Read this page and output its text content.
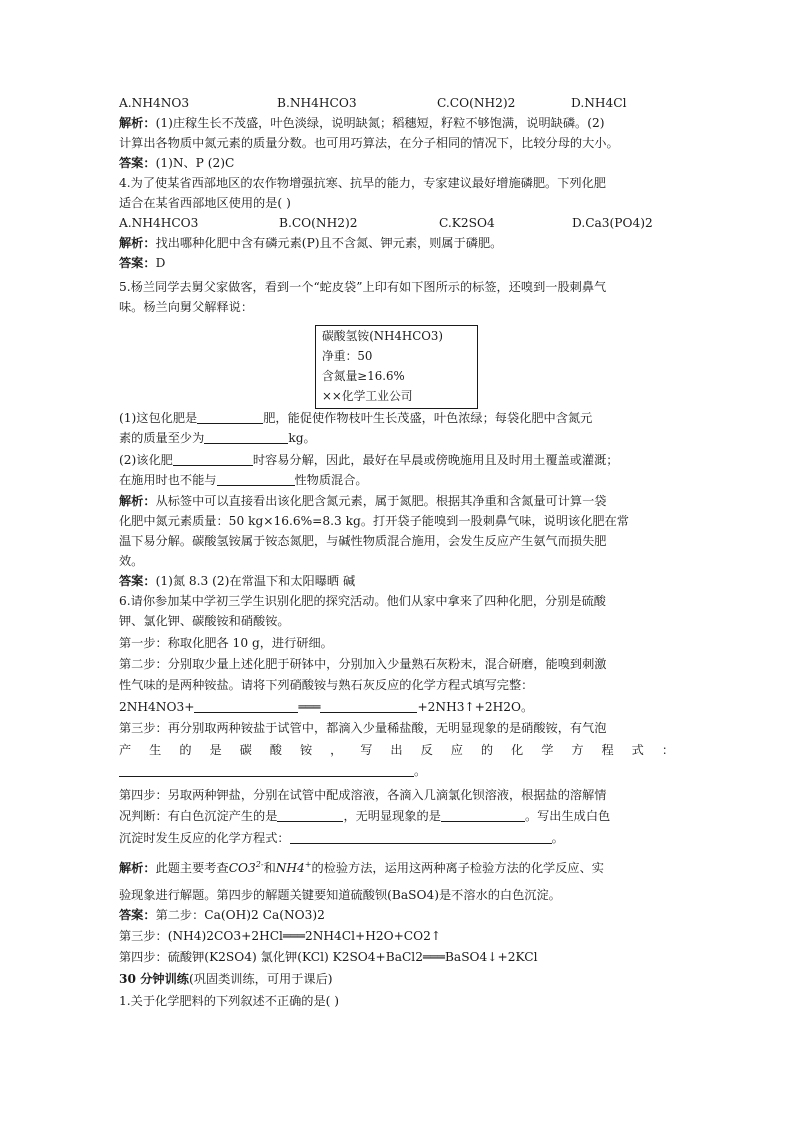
A.NH4NO3	B.NH4HCO3	C.CO(NH2)2	D.NH4Cl
解析：(1)庄稼生长不茂盛，叶色淡绿，说明缺氮；稻穗短，籽粒不够饱满，说明缺磷。(2)
计算出各物质中氮元素的质量分数。也可用巧算法，在分子相同的情况下，比较分母的大小。
答案：(1)N、P (2)C
4.为了使某省西部地区的农作物增强抗寒、抗旱的能力，专家建议最好增施磷肥。下列化肥
适合在某省西部地区使用的是( )
A.NH4HCO3	B.CO(NH2)2	C.K2SO4	D.Ca3(PO4)2
解析：找出哪种化肥中含有磷元素(P)且不含氮、钾元素，则属于磷肥。
答案：D
5.杨兰同学去舅父家做客，看到一个“蛇皮袋”上印有如下图所示的标签，还嗅到一股刺鼻气
味。杨兰向舅父解释说：
碳酸氢铵(NH4HCO3)
净重：50
含氮量≥16.6%
××化学工业公司
(1)这包化肥是	肥，能促使作物枝叶生长茂盛，叶色浓绿；每袋化肥中含氮元
素的质量至少为	kg。
(2)该化肥	时容易分解，因此，最好在早晨或傍晚施用且及时用土覆盖或灌溉；
在施用时也不能与	性物质混合。
解析：从标签中可以直接看出该化肥含氮元素，属于氮肥。根据其净重和含氮量可计算一袋
化肥中氮元素质量：50 kg×16.6%=8.3 kg。打开袋子能嗅到一股刺鼻气味，说明该化肥在常
温下易分解。碳酸氢铵属于铵态氮肥，与碱性物质混合施用，会发生反应产生氨气而损失肥
效。
答案：(1)氮 8.3 (2)在常温下和太阳曝晒 碱
6.请你参加某中学初三学生识别化肥的探究活动。他们从家中拿来了四种化肥，分别是硫酸
钾、氯化钾、碳酸铵和硝酸铵。
第一步：称取化肥各 10 g，进行研细。
第二步：分别取少量上述化肥于研钵中，分别加入少量熟石灰粉末，混合研磨，能嗅到刺激
性气味的是两种铵盐。请将下列硝酸铵与熟石灰反应的化学方程式填写完整：
2NH4NO3+	═══	+2NH3↑+2H2O。
第三步：再分别取两种铵盐于试管中，都滴入少量稀盐酸，无明显现象的是硝酸铵，有气泡
产 生 的 是 碳 酸 铵 ， 写 出 反 应 的 化 学 方 程 式 ：
。
第四步：另取两种钾盐，分别在试管中配成溶液，各滴入几滴氯化钡溶液，根据盐的溶解情
况判断：有白色沉淀产生的是	，无明显现象的是	。写出生成白色
沉淀时发生反应的化学方程式：	。
解析：此题主要考查$CO3^{2-}$和NH4+的检验方法，运用这两种离子检验方法的化学反应、实
验现象进行解题。第四步的解题关键要知道硫酸钡(BaSO4)是不溶水的白色沉淀。
答案：第二步：Ca(OH)2 Ca(NO3)2
第三步：(NH4)2CO3+2HCl═══2NH4Cl+H2O+CO2↑
第四步：硫酸钾(K2SO4) 氯化钾(KCl) K2SO4+BaCl2═══BaSO4↓+2KCl
30 分钟训练(巩固类训练，可用于课后)
1.关于化学肥料的下列叙述不正确的是( )
